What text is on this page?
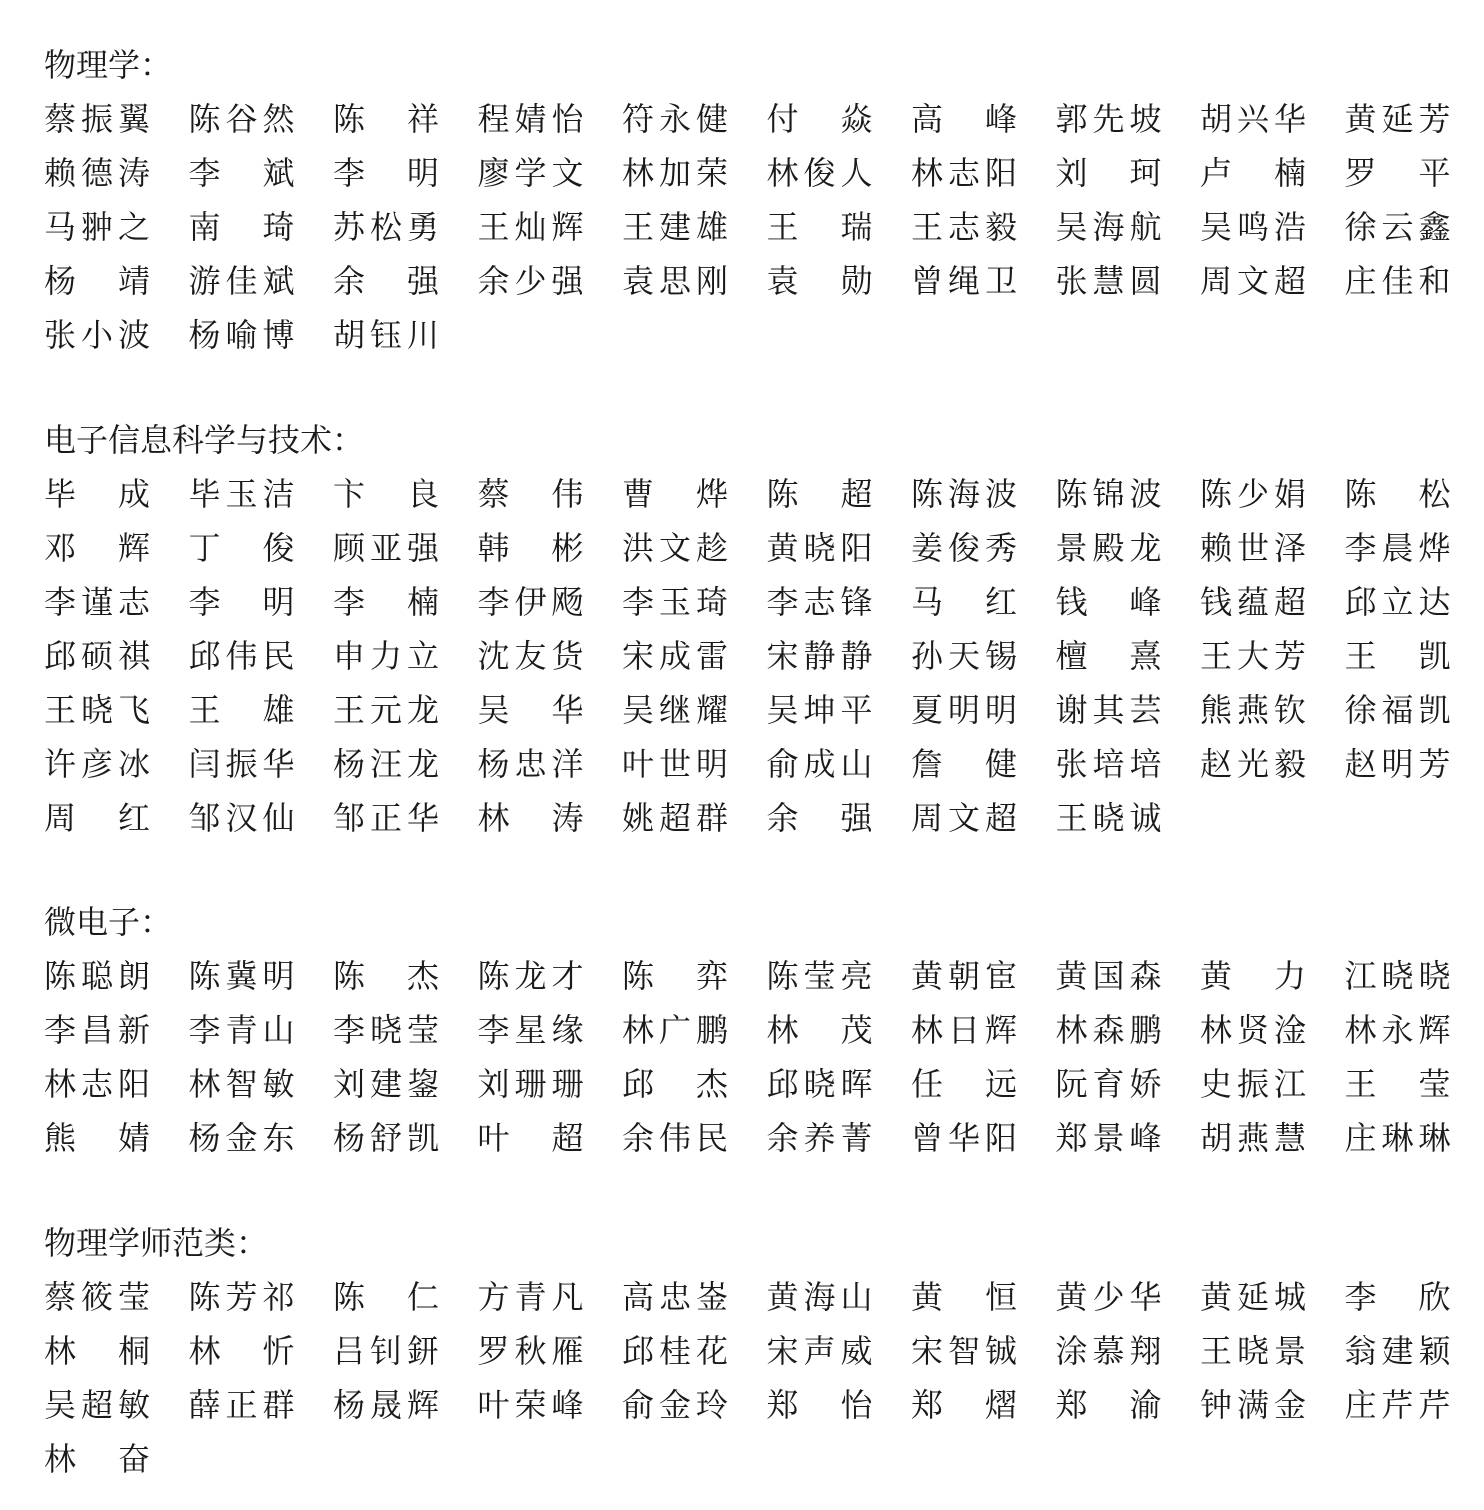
物理学：
蔡 振 翼 陈 谷 然 陈 祥 程 婧 怡 符 永 健 付 焱 高 峰 郭 先 坡 胡 兴 华 黄 延 芳
赖 德 涛 李 斌 李 明 廖 学 文 林 加 荣 林 俊 人 林 志 阳 刘 珂 卢 楠 罗 平
马 翀 之 南 琦 苏 松 勇 王 灿 辉 王 建 雄 王 瑞 王 志 毅 吴 海 航 吴 鸣 浩 徐 云 鑫
杨 靖 游 佳 斌 余 强 余 少 强 袁 思 刚 袁 勋 曾 绳 卫 张 慧 圆 周 文 超 庄 佳 和
张 小 波 杨 喻 博 胡 钰 川
电子信息科学与技术：
毕 成 毕 玉 洁 卞 良 蔡 伟 曹 烨 陈 超 陈 海 波 陈 锦 波 陈 少 娟 陈 松
邓 辉 丁 俊 顾 亚 强 韩 彬 洪 文 趁 黄 晓 阳 姜 俊 秀 景 殿 龙 赖 世 泽 李 晨 烨
李 谨 志 李 明 李 楠 李 伊 飏 李 玉 琦 李 志 锋 马 红 钱 峰 钱 蕴 超 邱 立 达
邱 硕 祺 邱 伟 民 申 力 立 沈 友 货 宋 成 雷 宋 静 静 孙 天 锡 檀 熹 王 大 芳 王 凯
王 晓 飞 王 雄 王 元 龙 吴 华 吴 继 耀 吴 坤 平 夏 明 明 谢 其 芸 熊 燕 钦 徐 福 凯
许 彦 冰 闫 振 华 杨 汪 龙 杨 忠 洋 叶 世 明 俞 成 山 詹 健 张 培 培 赵 光 毅 赵 明 芳
周 红 邹 汉 仙 邹 正 华 林 涛 姚 超 群 余 强 周 文 超 王 晓 诚
微电子：
陈 聪 朗 陈 冀 明 陈 杰 陈 龙 才 陈 弈 陈 莹 亮 黄 朝 宦 黄 国 森 黄 力 江 晓 晓
李 昌 新 李 青 山 李 晓 莹 李 星 缘 林 广 鹏 林 茂 林 日 辉 林 森 鹏 林 贤 淦 林 永 辉
林 志 阳 林 智 敏 刘 建 鋆 刘 珊 珊 邱 杰 邱 晓 晖 任 远 阮 育 娇 史 振 江 王 莹
熊 婧 杨 金 东 杨 舒 凯 叶 超 余 伟 民 余 养 菁 曾 华 阳 郑 景 峰 胡 燕 慧 庄 琳 琳
物理学师范类：
蔡 筱 莹 陈 芳 祁 陈 仁 方 青 凡 高 忠 崟 黄 海 山 黄 恒 黄 少 华 黄 延 城 李 欣
林 桐 林 忻 吕 钊 鈃 罗 秋 雁 邱 桂 花 宋 声 威 宋 智 铖 涂 慕 翔 王 晓 景 翁 建 颖
吴 超 敏 薛 正 群 杨 晟 辉 叶 荣 峰 俞 金 玲 郑 怡 郑 熠 郑 渝 钟 满 金 庄 芹 芹
林 奋
